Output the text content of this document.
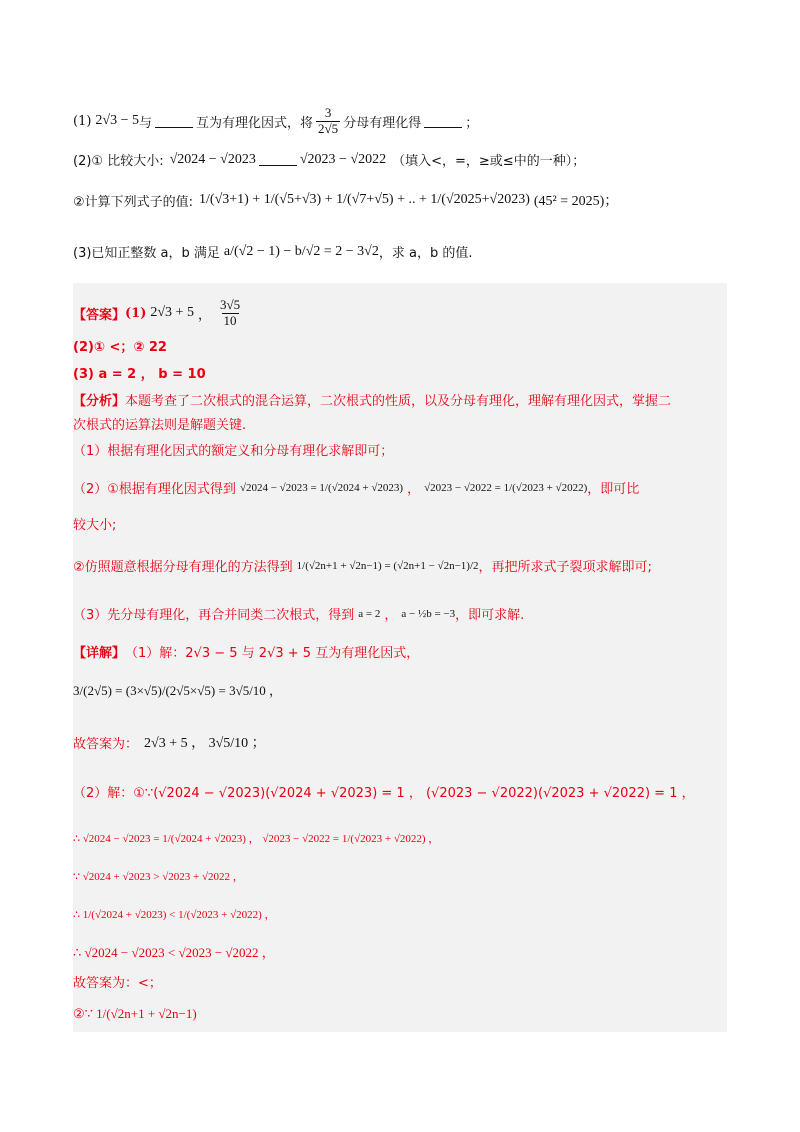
(1) 2√3 − 5 与	互为有理化因式，将 $\frac{3}{2√5}$ 分母有理化得	；
(2)① 比较大小: √2024 − √2023	√2023 − √2022 （填入<，=，≥或≤中的一种）；
②计算下列式子的值: 1/(√3+1) + 1/(√5+√3) + 1/(√7+√5) + .. + 1/(√2025+√2023) (45² = 2025)；
(3)已知正整数 a，b 满足 a/(√2 − 1) − b/√2 = 2 − 3√2 ，求 a，b 的值.
【答案】 (1) 2√3 + 5 ， $\frac{3√5}{10}$
(2)① <；② 22
(3) a = 2 ， b = 10
【分析】 本题考查了二次根式的混合运算，二次根式的性质，以及分母有理化，理解有理化因式，掌握二
次根式的运算法则是解题关键.
（1）根据有理化因式的额定义和分母有理化求解即可；
（2）①根据有理化因式得到 √2024 − √2023 = 1/(√2024 + √2023) ， √2023 − √2022 = 1/(√2023 + √2022) ，即可比
较大小;
②仿照题意根据分母有理化的方法得到 1/(√2n+1 + √2n−1) = (√2n+1 − √2n−1)/2 ，再把所求式子裂项求解即可;
（3）先分母有理化，再合并同类二次根式，得到 a = 2 ， a − ½b = −3 ，即可求解.
【详解】 （1）解：2√3 − 5 与 2√3 + 5 互为有理化因式，
3/(2√5) = (3×√5)/(2√5×√5) = 3√5/10 ，
故答案为： 2√3 + 5 ， 3√5/10 ；
（2）解：①∵(√2024 − √2023)(√2024 + √2023) = 1 ， (√2023 − √2022)(√2023 + √2022) = 1 ，
∴ √2024 − √2023 = 1/(√2024 + √2023) ， √2023 − √2022 = 1/(√2023 + √2022) ，
∵ √2024 + √2023 > √2023 + √2022 ，
∴ 1/(√2024 + √2023) < 1/(√2023 + √2022) ，
∴ √2024 − √2023 < √2023 − √2022 ，
故答案为：<；
②∵ 1/(√2n+1 + √2n−1)
